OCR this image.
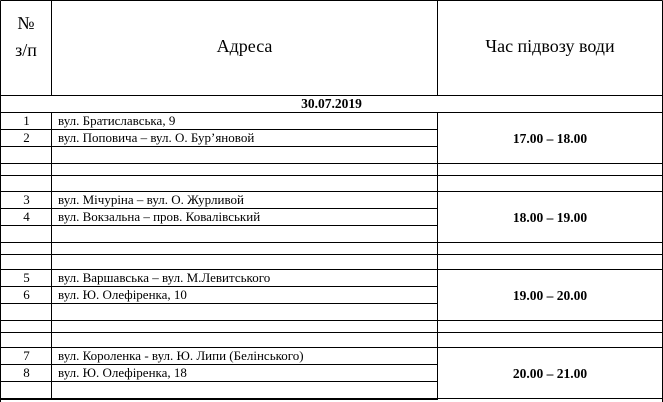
№
з/п	Адреса	Час підвозу води
30.07.2019
1	вул. Братиславська, 9
2	вул. Поповича – вул. О. Бур’яновой	17.00 – 18.00
3	вул. Мічуріна – вул. О. Журливой
4	вул. Вокзальна – пров. Ковалівський	18.00 – 19.00
5	вул. Варшавська – вул. М.Левитського
6	вул. Ю. Олефіренка, 10	19.00 – 20.00
7	вул. Короленка - вул. Ю. Липи (Белінського)
8	вул. Ю. Олефіренка, 18	20.00 – 21.00
